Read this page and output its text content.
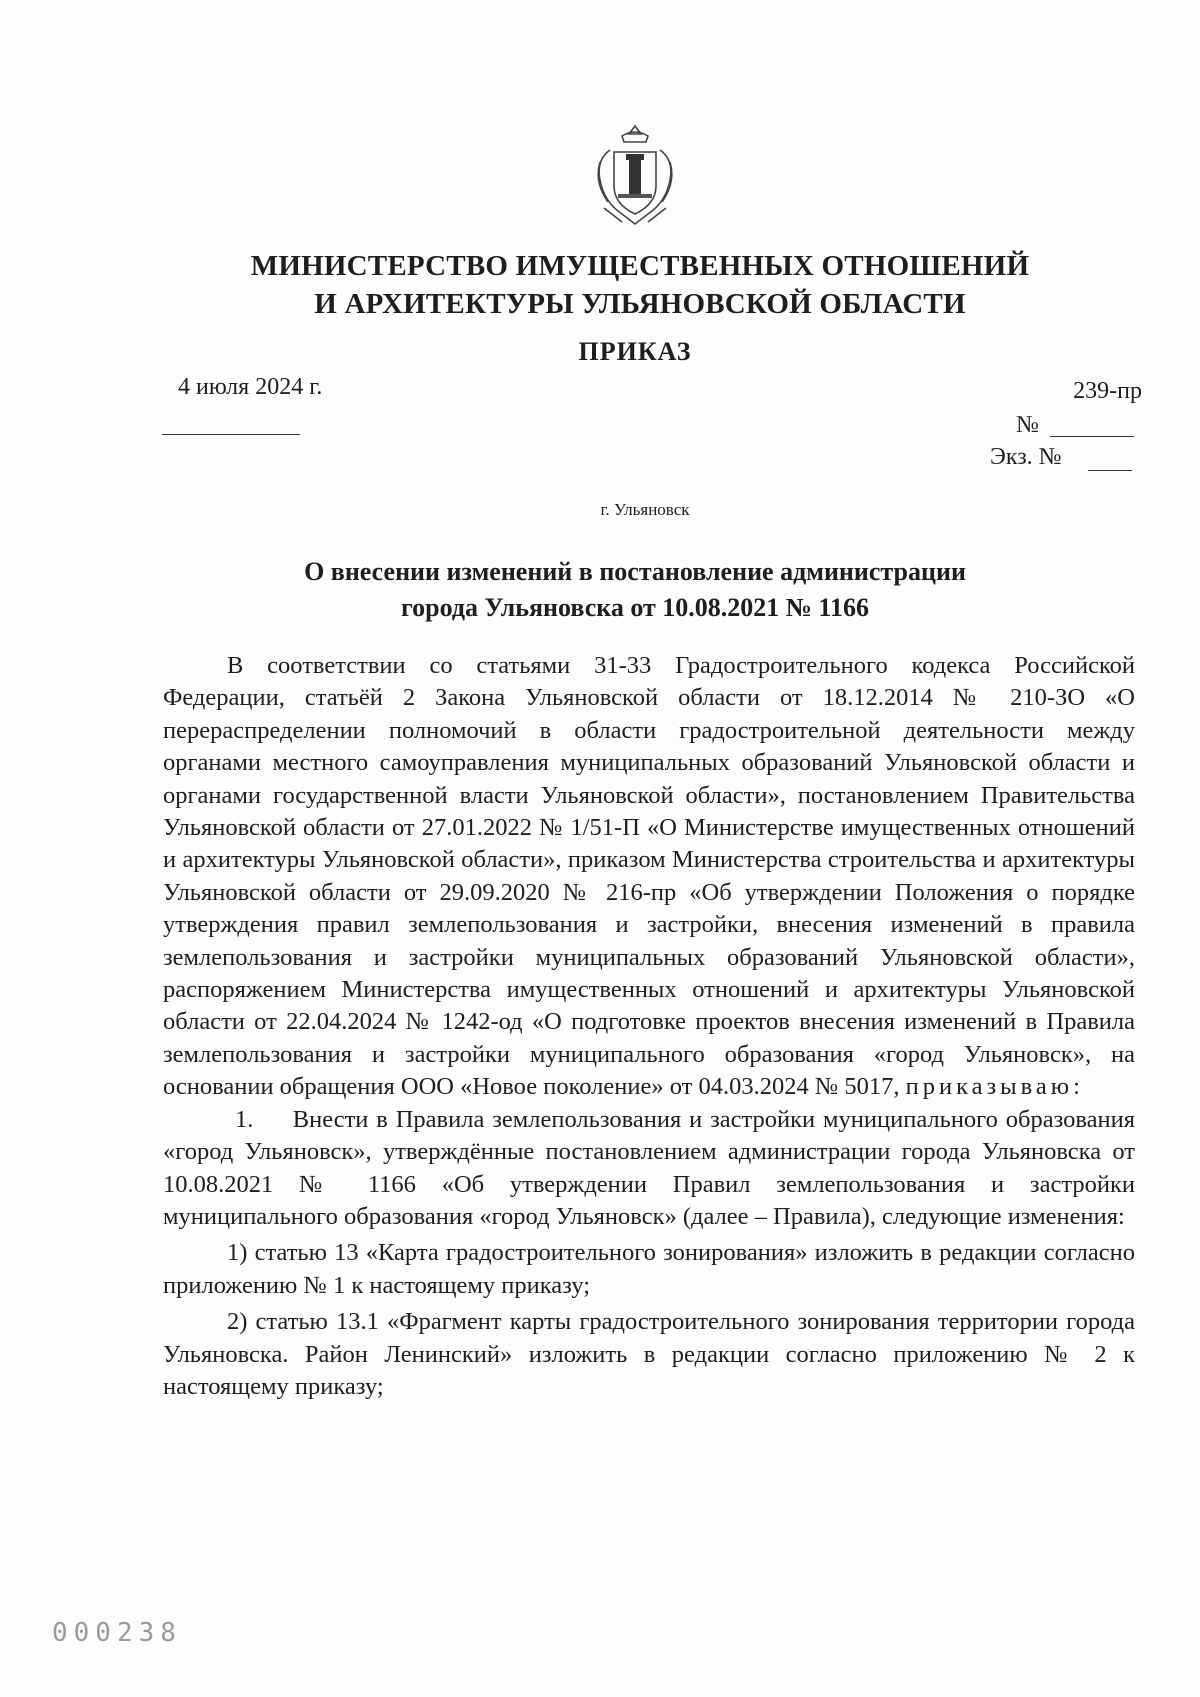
МИНИСТЕРСТВО ИМУЩЕСТВЕННЫХ ОТНОШЕНИЙ
И АРХИТЕКТУРЫ УЛЬЯНОВСКОЙ ОБЛАСТИ
ПРИКАЗ
4 июля 2024 г.	239-пр
№
Экз. №
г. Ульяновск
О внесении изменений в постановление администрации
города Ульяновска от 10.08.2021 № 1166

В соответствии со статьями 31-33 Градостроительного кодекса Российской Федерации, статьёй 2 Закона Ульяновской области от 18.12.2014 № 210-ЗО «О перераспределении полномочий в области градостроительной деятельности между органами местного самоуправления муниципальных образований Ульяновской области и органами государственной власти Ульяновской области», постановлением Правительства Ульяновской области от 27.01.2022 № 1/51-П «О Министерстве имущественных отношений и архитектуры Ульяновской области», приказом Министерства строительства и архитектуры Ульяновской области от 29.09.2020 № 216-пр «Об утверждении Положения о порядке утверждения правил землепользования и застройки, внесения изменений в правила землепользования и застройки муниципальных образований Ульяновской области», распоряжением Министерства имущественных отношений и архитектуры Ульяновской области от 22.04.2024 № 1242-од «О подготовке проектов внесения изменений в Правила землепользования и застройки муниципального образования «город Ульяновск», на основании обращения ООО «Новое поколение» от 04.03.2024 № 5017, приказываю:

1.     Внести в Правила землепользования и застройки муниципального образования «город Ульяновск», утверждённые постановлением администрации города Ульяновска от 10.08.2021 № 1166 «Об утверждении Правил землепользования и застройки муниципального образования «город Ульяновск» (далее – Правила), следующие изменения:

1) статью 13 «Карта градостроительного зонирования» изложить в редакции согласно приложению № 1 к настоящему приказу;

2) статью 13.1 «Фрагмент карты градостроительного зонирования территории города Ульяновска. Район Ленинский» изложить в редакции согласно приложению № 2 к настоящему приказу;

000238
